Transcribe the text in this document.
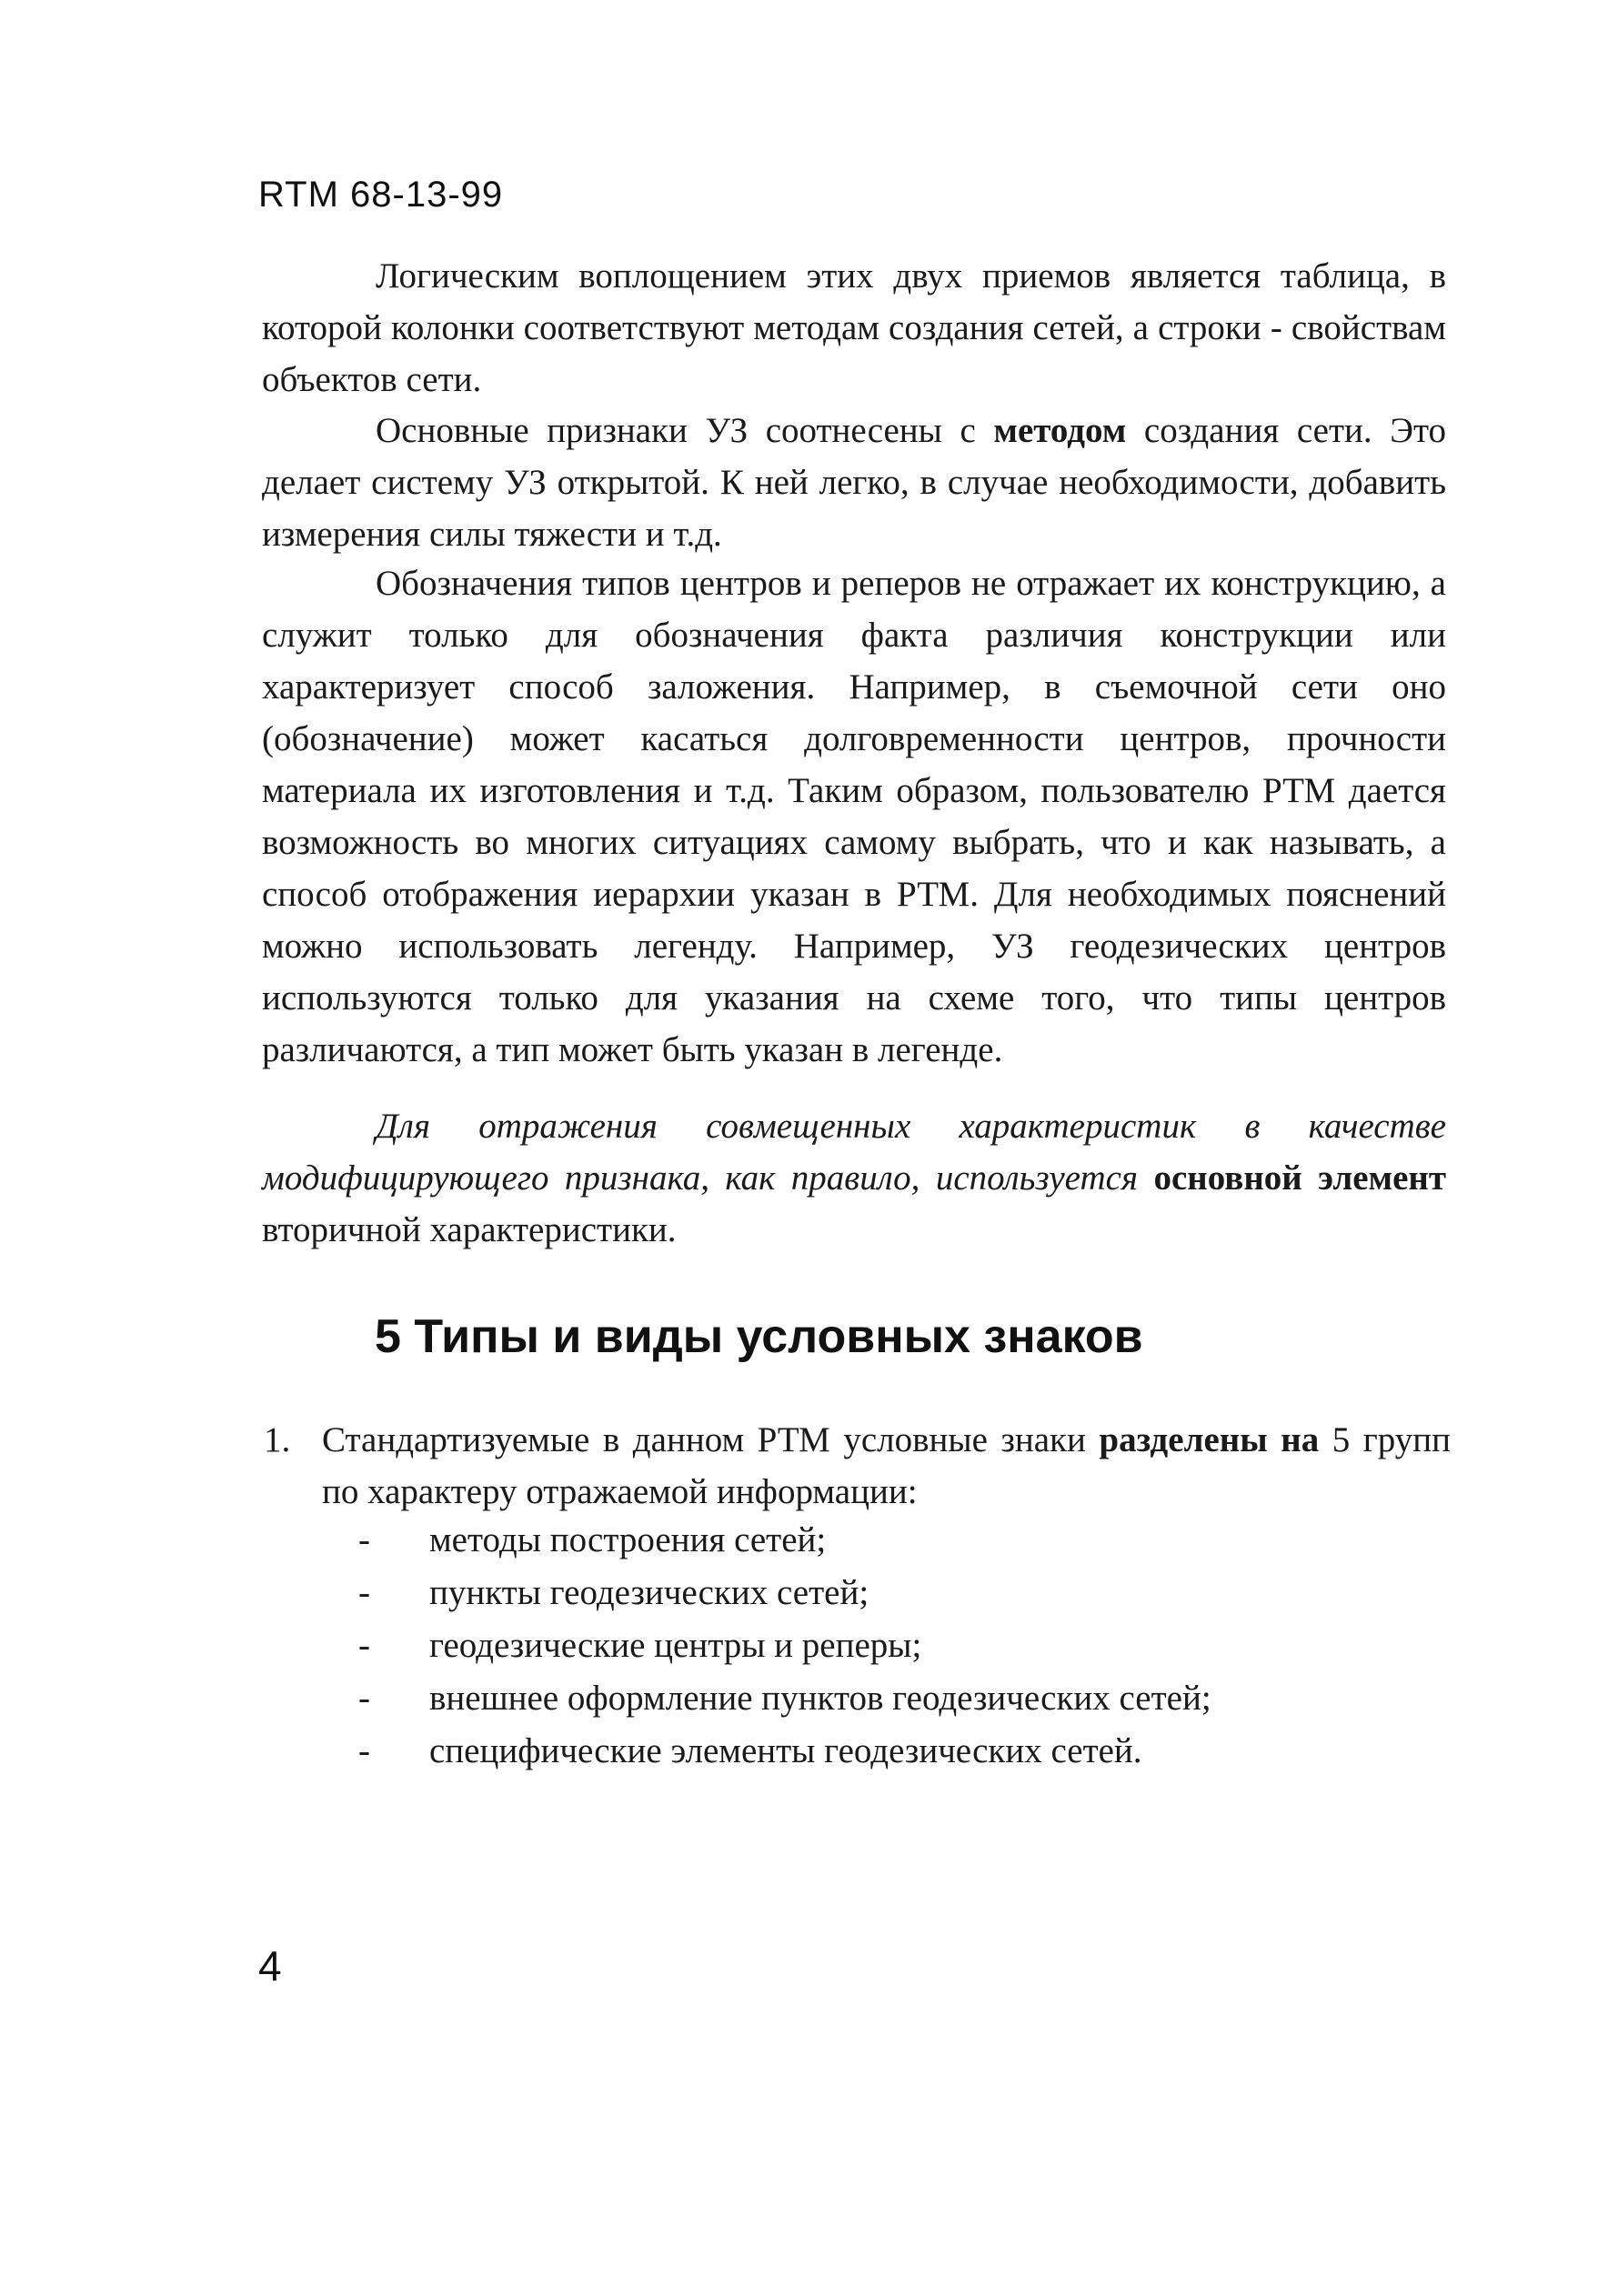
RTM 68-13-99

Логическим воплощением этих двух приемов является таблица, в которой колонки соответствуют методам создания сетей, а строки - свойствам объектов сети.

Основные признаки УЗ соотнесены с методом создания сети. Это делает систему УЗ открытой. К ней легко, в случае необходимости, добавить измерения силы тяжести и т.д.

Обозначения типов центров и реперов не отражает их конструкцию, а служит только для обозначения факта различия конструкции или характеризует способ заложения. Например, в съемочной сети оно (обозначение) может касаться долговременности центров, прочности материала их изготовления и т.д. Таким образом, пользователю РТМ дается возможность во многих ситуациях самому выбрать, что и как называть, а способ отображения иерархии указан в РТМ. Для необходимых пояснений можно использовать легенду. Например, УЗ геодезических центров используются только для указания на схеме того, что типы центров различаются, а тип может быть указан в легенде.

Для отражения совмещенных характеристик в качестве модифицирующего признака, как правило, используется основной элемент вторичной характеристики.

5 Типы и виды условных знаков
1. Стандартизуемые в данном РТМ условные знаки разделены на 5 групп по характеру отражаемой информации:
- методы построения сетей;
- пункты геодезических сетей;
- геодезические центры и реперы;
- внешнее оформление пунктов геодезических сетей;
- специфические элементы геодезических сетей.
4
